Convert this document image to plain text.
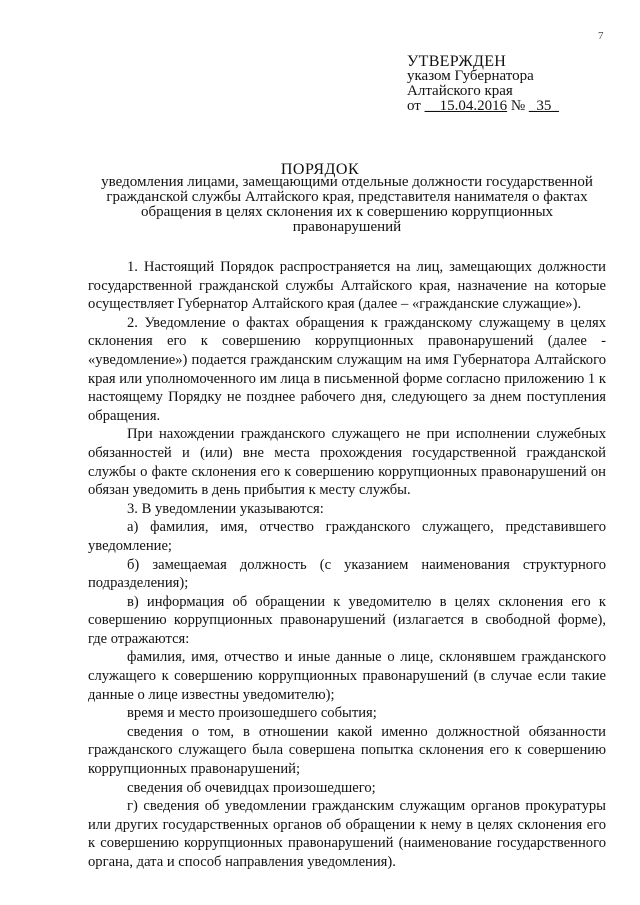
7
УТВЕРЖДЕН
указом Губернатора
Алтайского края
от __15.04.2016 № _35_
ПОРЯДОК
уведомления лицами, замещающими отдельные должности государственной гражданской службы Алтайского края, представителя нанимателя о фактах обращения в целях склонения их к совершению коррупционных правонарушений

1. Настоящий Порядок распространяется на лиц, замещающих должности государственной гражданской службы Алтайского края, назначение на которые осуществляет Губернатор Алтайского края (далее – «гражданские служащие»).

2. Уведомление о фактах обращения к гражданскому служащему в целях склонения его к совершению коррупционных правонарушений (далее - «уведомление») подается гражданским служащим на имя Губернатора Алтайского края или уполномоченного им лица в письменной форме согласно приложению 1 к настоящему Порядку не позднее рабочего дня, следующего за днем поступления обращения.

При нахождении гражданского служащего не при исполнении служебных обязанностей и (или) вне места прохождения государственной гражданской службы о факте склонения его к совершению коррупционных правонарушений он обязан уведомить в день прибытия к месту службы.

3. В уведомлении указываются:

а) фамилия, имя, отчество гражданского служащего, представившего уведомление;

б) замещаемая должность (с указанием наименования структурного подразделения);

в) информация об обращении к уведомителю в целях склонения его к совершению коррупционных правонарушений (излагается в свободной форме), где отражаются:

фамилия, имя, отчество и иные данные о лице, склонявшем гражданского служащего к совершению коррупционных правонарушений (в случае если такие данные о лице известны уведомителю);

время и место произошедшего события;

сведения о том, в отношении какой именно должностной обязанности гражданского служащего была совершена попытка склонения его к совершению коррупционных правонарушений;

сведения об очевидцах произошедшего;

г) сведения об уведомлении гражданским служащим органов прокуратуры или других государственных органов об обращении к нему в целях склонения его к совершению коррупционных правонарушений (наименование государственного органа, дата и способ направления уведомления).
